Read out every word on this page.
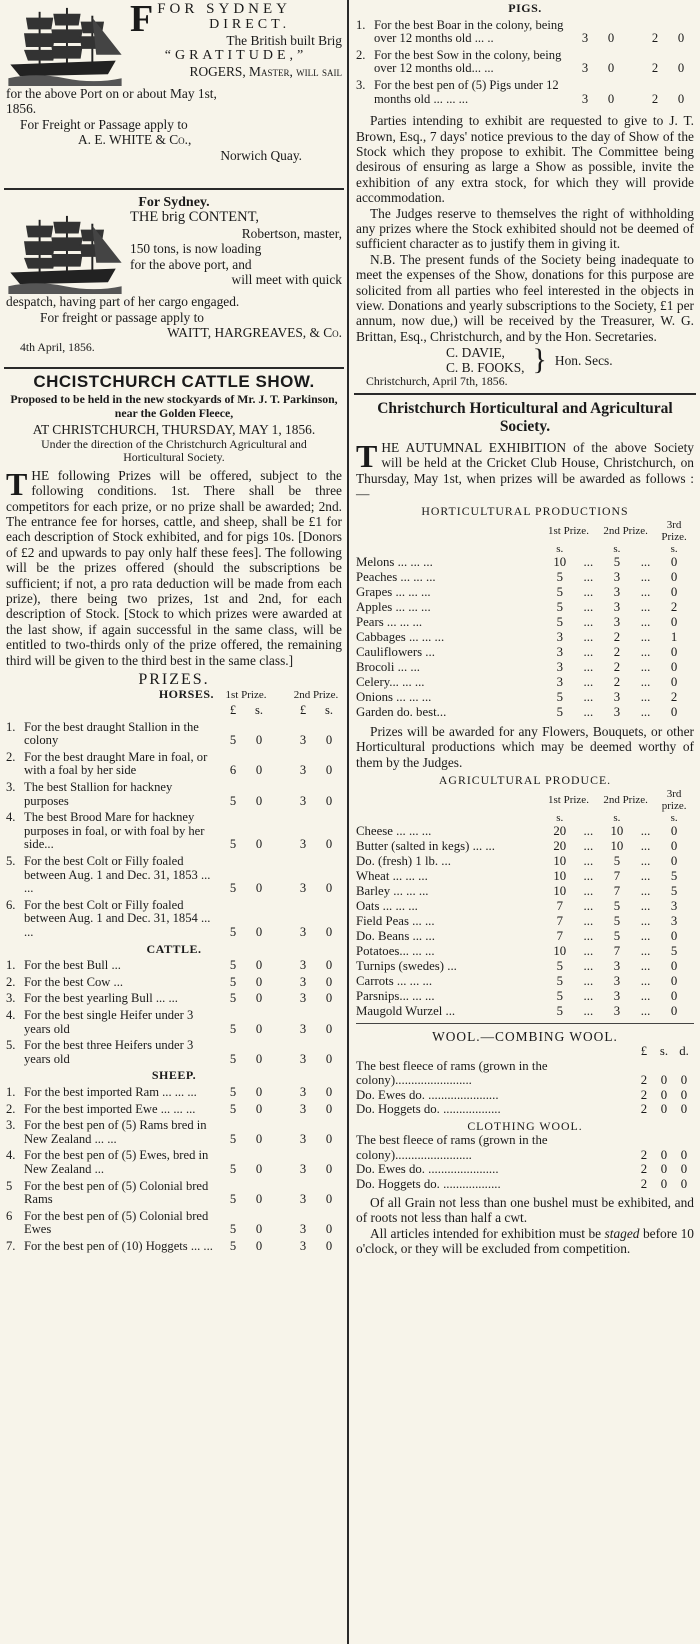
F FOR SYDNEY
DIRECT.
The British built Brig
“GRATITUDE,”
ROGERS, Master, will sail
for the above Port on or about May 1st,
1856.
For Freight or Passage apply to
A. E. WHITE & Co.,
Norwich Quay.
For Sydney.
THE brig CONTENT,
Robertson, master,
150 tons, is now loading
for the above port, and
will meet with quick
despatch, having part of her cargo engaged.
For freight or passage apply to
WAITT, HARGREAVES, & Co.
4th April, 1856.
CHCISTCHURCH CATTLE SHOW.
Proposed to be held in the new stockyards of Mr. J. T. Parkinson, near the Golden Fleece,
AT CHRISTCHURCH, THURSDAY, MAY 1, 1856.
Under the direction of the Christchurch Agricultural and Horticultural Society.
THE following Prizes will be offered, subject to the following conditions. 1st. There shall be three competitors for each prize, or no prize shall be awarded; 2nd. The entrance fee for horses, cattle, and sheep, shall be £1 for each description of Stock exhibited, and for pigs 10s. [Donors of £2 and upwards to pay only half these fees]. The following will be the prizes offered (should the subscriptions be sufficient; if not, a pro rata deduction will be made from each prize), there being two prizes, 1st and 2nd, for each description of Stock. [Stock to which prizes were awarded at the last show, if again successful in the same class, will be entitled to two-thirds only of the prize offered, the remaining third will be given to the third best in the same class.]
PRIZES.
HORSES.		1st Prize.			2nd Prize.	
		£	s.		£	s.
1.	For the best draught Stallion in the colony	5	0		3	0
2.	For the best draught Mare in foal, or with a foal by her side	6	0		3	0
3.	The best Stallion for hackney purposes	5	0		3	0
4.	The best Brood Mare for hackney purposes in foal, or with foal by her side...	5	0		3	0
5.	For the best Colt or Filly foaled between Aug. 1 and Dec. 31, 1853 ... ...	5	0		3	0
6.	For the best Colt or Filly foaled between Aug. 1 and Dec. 31, 1854 ... ...	5	0		3	0
CATTLE.						
1.	For the best Bull ...	5	0		3	0
2.	For the best Cow ...	5	0		3	0
3.	For the best yearling Bull ... ...	5	0		3	0
4.	For the best single Heifer under 3 years old	5	0		3	0
5.	For the best three Heifers under 3 years old	5	0		3	0
SHEEP.						
1.	For the best imported Ram ... ... ...	5	0		3	0
2.	For the best imported Ewe ... ... ...	5	0		3	0
3.	For the best pen of (5) Rams bred in New Zealand ... ...	5	0		3	0
4.	For the best pen of (5) Ewes, bred in New Zealand ...	5	0		3	0
5	For the best pen of (5) Colonial bred Rams	5	0		3	0
6	For the best pen of (5) Colonial bred Ewes	5	0		3	0
7.	For the best pen of (10) Hoggets ... ...	5	0		3	0
PIGS.						
1.	For the best Boar in the colony, being over 12 months old ... ..	3	0		2	0
2.	For the best Sow in the colony, being over 12 months old... ...	3	0		2	0
3.	For the best pen of (5) Pigs under 12 months old ... ... ...	3	0		2	0
Parties intending to exhibit are requested to give to J. T. Brown, Esq., 7 days' notice previous to the day of Show of the Stock which they propose to exhibit. The Committee being desirous of ensuring as large a Show as possible, invite the exhibition of any extra stock, for which they will provide accommodation.
The Judges reserve to themselves the right of withholding any prizes where the Stock exhibited should not be deemed of sufficient character as to justify them in giving it.
N.B. The present funds of the Society being inadequate to meet the expenses of the Show, donations for this purpose are solicited from all parties who feel interested in the objects in view. Donations and yearly subscriptions to the Society, £1 per annum, now due,) will be received by the Treasurer, W. G. Brittan, Esq., Christchurch, and by the Hon. Secretaries.
C. DAVIE,
C. B. FOOKS, } Hon. Secs.
Christchurch, April 7th, 1856.
Christchurch Horticultural and Agricultural Society.
THE AUTUMNAL EXHIBITION of the above Society will be held at the Cricket Club House, Christchurch, on Thursday, May 1st, when prizes will be awarded as follows :—
HORTICULTURAL PRODUCTIONS
	1st Prize.		2nd Prize.		3rd Prize.
	s.		s.		s.
Melons ... ... ...	10	...	5	...	0
Peaches ... ... ...	5	...	3	...	0
Grapes ... ... ...	5	...	3	...	0
Apples ... ... ...	5	...	3	...	2
Pears ... ... ...	5	...	3	...	0
Cabbages ... ... ...	3	...	2	...	1
Cauliflowers ...	3	...	2	...	0
Brocoli ... ...	3	...	2	...	0
Celery... ... ...	3	...	2	...	0
Onions ... ... ...	5	...	3	...	2
Garden do. best...	5	...	3	...	0
Prizes will be awarded for any Flowers, Bouquets, or other Horticultural productions which may be deemed worthy of them by the Judges.
AGRICULTURAL PRODUCE.
	1st Prize.		2nd Prize.		3rd prize.
	s.		s.		s.
Cheese ... ... ...	20	...	10	...	0
Butter (salted in kegs) ... ...	20	...	10	...	0
Do. (fresh) 1 lb. ...	10	...	5	...	0
Wheat ... ... ...	10	...	7	...	5
Barley ... ... ...	10	...	7	...	5
Oats ... ... ...	7	...	5	...	3
Field Peas ... ...	7	...	5	...	3
Do. Beans ... ...	7	...	5	...	0
Potatoes... ... ...	10	...	7	...	5
Turnips (swedes) ...	5	...	3	...	0
Carrots ... ... ...	5	...	3	...	0
Parsnips... ... ...	5	...	3	...	0
Maugold Wurzel ...	5	...	3	...	0
WOOL.—COMBING WOOL.
	£	s.	d.
The best fleece of rams (grown in the colony)........................	2	0	0
Do. Ewes do. ......................	2	0	0
Do. Hoggets do. ..................	2	0	0
CLOTHING WOOL.
The best fleece of rams (grown in the colony)........................	2	0	0
Do. Ewes do. ......................	2	0	0
Do. Hoggets do. ..................	2	0	0
Of all Grain not less than one bushel must be exhibited, and of roots not less than half a cwt.
All articles intended for exhibition must be staged before 10 o'clock, or they will be excluded from competition.
